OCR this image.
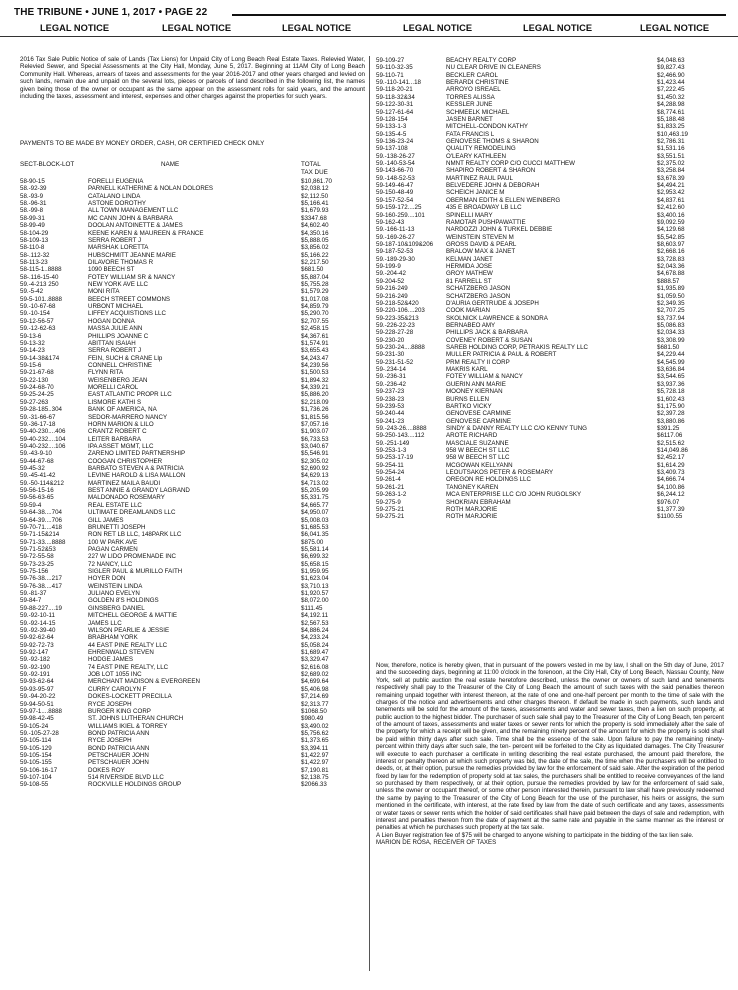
THE TRIBUNE • JUNE 1, 2017 • PAGE 22
LEGAL NOTICE	LEGAL NOTICE	LEGAL NOTICE	LEGAL NOTICE	LEGAL NOTICE	LEGAL NOTICE
2016 Tax Sale Public Notice of sale of Lands (Tax Liens) for Unpaid City of Long Beach Real Estate Taxes. Relevied Water, Relevied Sewer, and Special Assessments at the City Hall, Monday, June 5, 2017. Beginning at 11AM City of Long Beach Community Hall. Whereas, arrears of taxes and assessments for the year 2016-2017 and other years charged and levied on such lands, remain due and unpaid on the several lots, pieces or parcels of land described in the following list, the names given being those of the owner or occupant as the same appear on the assessment rolls for said years, and the amount including the taxes, assessment and interest, expenses and other charges against the properties for such years.
PAYMENTS TO BE MADE BY MONEY ORDER, CASH, OR CERTIFIED CHECK ONLY
SECT-BLOCK-LOT	NAME	TOTAL
TAX DUE
58-90-15	FORELLI EUGENIA	$10,861.70
58.-92-39	PARNELL KATHERINE & NOLAN DOLORES	$2,038.12
58.-93-9	CATALANO LINDA	$2,112.50
58.-96-31	ASTONE DOROTHY	$5,166.41
58.-99-8	ALL TOWN MANAGEMENT LLC	$1,679.93
58-99-31	MC CANN JOHN & BARBARA	$3347.68
58-99-49	DOOLAN ANTOINETTE & JAMES	$4,602.40
58-104-29	KEENE KAREN & MAUREEN & FRANCE	$4,350.16
58-109-13	SERRA ROBERT J	$5,888.05
58-110-8	MARSHAK LORETTA	$3,856.02
58-.112-32	HUBSCHMITT JEANNE MARIE	$5,166.22
58-113-23	DILAVORE THOMAS R	$2,217.50
58-115-1..8888	1090 BEECH ST	$681.50
58-.116-15-40	FOTEY WILLIAM SR & NANCY	$5,887.04
59.-4-213 250	NEW YORK AVE LLC	$5,755.28
59.-5-42	MONI RITA	$1,579.29
59-5-101..8888	BEECH STREET COMMONS	$1,017.08
59.-10-67-68	URBONT MICHAEL	$4,859.79
59.-10-154	LIFFEY ACQUISTIONS LLC	$5,290.70
59-12-56-57	HOGAN DONNA	$2,707.55
59.-12-62-63	MASSA JULIE ANN	$2,458.15
59-13-6	PHILLIPS JOANNE C	$4,367.61
59-13-32	ABITTAN ISAIAH	$1,574.91
59-14-23	SERRA ROBERT J	$3,655.43
59-14-38&174	FEIN, SUCH & CRANE Llp	$4,243.47
59-15-6	CONNELL CHRISTINE	$4,239.56
59-21-67-68	FLYNN RITA	$1,500.53
59-22-130	WEISENBERG JEAN	$1,894.32
59-24-68-70	MORELLI CAROL	$4,339.21
59-25-24-25	EAST ATLANTIC PROPR LLC	$5,886.20
59-27-263	LISMORE KATHI S	$2,218.09
59-28-185..304	BANK OF AMERICA, NA	$1,736.26
59.-31-66-67	SEDOR-MARRERO NANCY	$1,815.56
59.-36-17-18	HORN MARION & LILO	$7,057.16
59-40-230....406	CRANTZ ROBERT C	$1,903.07
59-40-232....104	LEITER BARBARA	$6,733.53
59-40-232....106	IPA ASSET MGMT, LLC	$3,040.67
59.-43-9-10	ZARENO LIMITED PARTNERSHIP	$5,546.91
59-44-67-68	COOGAN CHRISTOPHER	$2,305.02
59-45-32	BARBATO STEVEN A & PATRICIA	$2,690.92
59.-45-41-42	LEVINE HAROLD & LISA MALLON	$4,629.13
59.-50-114&212	MARTINEZ MAILA BAUDI	$4,713.02
59-56-15-16	BEST ANNIE & GRANDY LAGRAND	$5,205.99
59-56-63-65	MALDONADO ROSEMARY	$5,331.75
59-59-4	REAL ESTATE LLC	$4,665.77
59-64-38....704	ULTIMATE DREAMLANDS LLC	$4,950.07
59-64-39....706	GILL JAMES	$5,008.03
59-70-71....418	BRUNETTI JOSEPH	$1,685.53
59-71-15&214	RON RET LB LLC, 148PARK LLC	$6,041.35
59-71-33....8888	100 W PARK AVE	$875.00
59-71-52&53	PAGAN CARMEN	$5,581.14
59-72-55-58	227 W LIDO PROMENADE INC	$6,699.32
59-73-23-25	72 NANCY, LLC	$5,658.15
59-75-156	SIGLER PAUL & MURILLO FAITH	$1,959.95
59-76-38....217	HOYER DON	$1,623.04
59-76-38....417	WEINSTEIN LINDA	$3,710.13
59.-81-37	JULIANO EVELYN	$1,920.57
59-84-7	GOLDEN 8'S HOLDINGS	$8,072.00
59-88-227....19	GINSBERG DANIEL	$111.45
59.-92-10-11	MITCHELL GEORGE & MATTIE	$4,192.11
59.-92-14-15	JAMES LLC	$2,567.53
59.-92-39-40	WILSON PEARLIE & JESSIE	$4,886.24
59-92-62-64	BRABHAM YORK	$4,233.24
59-92-72-73	44 EAST PINE REALTY LLC	$5,058.24
59-92-147	EHRENWALD STEVEN	$1,689.47
59.-92-182	HODGE JAMES	$3,329.47
59.-92-190	74 EAST PINE REALTY, LLC	$2,616.08
59.-92-191	JOB LOT 1055 INC	$2,689.02
59-93-62-64	MERCHANT MADISON & EVERGREEN	$4,699.64
59-93-95-97	CURRY CAROLYN F	$5,406.98
59.-94-20-22	DOKES-LOCKETT PRECILLA	$7,214.69
59-94-50-51	RYCE JOSEPH	$2,313.77
59-97-1....8888	BURGER KING CORP	$1068.50
59-98-42-45	ST. JOHNS LUTHERAN CHURCH	$980.49
59-105-24	WILLIAMS IKIEL & TORREY	$3,490.02
59.-105-27-28	BOND PATRICIA ANN	$5,756.62
59-105-114	RYCE JOSEPH	$1,373.65
59-105-129	BOND PATRICIA ANN	$3,394.11
59-105-154	PETSCHAUER JOHN	$1,422.97
59-105-155	PETSCHAUER JOHN	$1,422.97
59-106-16-17	DOKES ROY	$7,190.81
59-107-104	514 RIVERSIDE BLVD LLC	$2,138.75
59-108-55	ROCKVILLE HOLDINGS GROUP	$2066.33
59-109-27	BEACHY REALTY CORP	$4,048.63
59-110-32-35	NU CLEAR DRIVE IN CLEANERS	$9,827.43
59-110-71	BECKLER CAROL	$2,466.90
59.-110-141...18	BERARDI CHRISTINE	$1,423.44
59-118-20-21	ARROYO ISREAEL	$7,222.45
59-118-32&34	TORRES ALISSA	$1,450.32
59-122-30-31	KESSLER JUNE	$4,288.98
59-127-61-64	SCHMEELK MICHAEL	$8,774.61
59-128-154	JASEN BARNET	$5,188.48
59-133-1-3	MITCHELL-CONDON KATHY	$1,833.25
59-135-4-5	FATA FRANCIS L	$10,463.19
59-136-23-24	GENOVESE THOMS & SHARON	$2,786.31
59-137-108	QUALITY REMODELING	$1,531.16
59.-138-26-27	O'LEARY KATHLEEN	$3,551.51
59.-140-53-54	NMNT REALTY CORP C/O CUCCI MATTHEW	$2,375.02
59-143-66-70	SHAPIRO ROBERT & SHARON	$3,258.84
59.-148-52-53	MARTINEZ RAUL PAUL	$3,678.39
59-149-46-47	BELVEDERE JOHN & DEBORAH	$4,494.21
59-150-48-49	SCHEICH JANICE M	$2,953.42
59-157-52-54	OBERMAN EDITH & ELLEN WEINBERG	$4,837.61
59-159-172....25	435 E BROADWAY LB LLC	$2,412.60
59-160-259....101	SPINELLI MARY	$3,400.16
59-162-43	RAMOTAR PUSHPAWATTIE	$9,092.59
59.-166-11-13	NARDOZZI JOHN & TURKEL DEBBIE	$4,129.68
59.-169-26-27	WEINSTEIN STEVEN M	$5,542.85
59-187-10&109&206 GROSS DAVID & PEARL	$8,603.97
59-187-52-53	BRALOW MAX & JANET	$2,668.16
59.-189-29-30	KELMAN JANET	$3,728.83
59-199-9	HERMIDA JOSE	$2,043.36
59.-204-42	GROY MATHEW	$4,678.88
59-204-52	81 FARRELL ST	$888.57
59-216-249	SCHATZBERG JASON	$1,935.89
59-216-249	SCHATZBERG JASON	$1,059.50
59-218-52&420	D'AURIA GERTRUDE & JOSEPH	$2,349.35
59-220-106....203	COOK MARIAN	$2,707.25
59-223-35&213	SKOLNICK LAWRENCE & SONDRA	$3,737.94
59.-226-22-23	BERNABEO AMY	$5,086.83
59-228-27-28	PHILLIPS JACK & BARBARA	$2,034.33
59-230-20	COVENEY ROBERT & SUSAN	$3,308.99
59-230-24....8888	SAREB HOLDING CORP, PETRAKIS REALTY LLC	$681.50
59-231-30	MULLER PATRICIA & PAUL & ROBERT	$4,229.44
59-231-51-52	PRM REALTY II CORP	$4,545.99
59-.234-14	MAKRIS KARL	$3,636.84
59.-236-31	FOTEY WILLIAM & NANCY	$3,544.65
59.-236-42	GUERIN ANN MARIE	$3,937.36
59-237-23	MOONEY KIERNAN	$5,728.18
59-238-23	BURNS ELLEN	$1,602.43
59-239-53	BARTKO VICKY	$1,175.90
59-240-44	GENOVESE CARMINE	$2,397.28
59-241-23	GENOVESE CARMINE	$3,880.86
59.-243-26....8888	SINDY & DANNY REALTY LLC C/O KENNY TUNG	$391.25
59-250-143....112	AROTE RICHARD	$6117.06
59.-251-149	MASCIALE SUZANNE	$2,515.62
59-253-1-3	958 W BEECH ST LLC	$14,049.86
59-253-17-19	958 W BEECH ST LLC	$2,452.17
59-254-11	MCGOWAN KELLYANN	$1,614.29
59-254-24	LEOUTSAKOS PETER & ROSEMARY	$3,409.73
59-261-4	OREGON RE HOLDINGS LLC	$4,666.74
59-261-21	TANGNEY KAREN	$4,100.86
59-263-1-2	MCA ENTERPRISE LLC C/O JOHN RUGOLSKY	$6,244.12
59-275-9	SHOKRIAN EBRAHAM	$976.07
59-275-21	ROTH MARJORIE	$1,377.39
59-275-21	ROTH MARJORIE	$1100.55

Now, therefore, notice is hereby given, that in pursuant of the powers vested in me by law, I shall on the 5th day of June, 2017 and the succeeding days, beginning at 11:00 o'clock in the forenoon, at the City Hall, City of Long Beach, Nassau County, New York, sell at public auction the real estate heretofore described, unless the owner or owners of such land and tenements respectively shall pay to the Treasurer of the City of Long Beach the amount of such taxes with the said penalties thereon remaining unpaid together with interest thereon, at the rate of one and one-half percent per month to the time of sale with the charges of the notice and advertisements and other charges thereon. If default be made in such payments, such lands and tenements will be sold for the amount of the taxes, assessments and water and sewer taxes, then a lien on such property, at public auction to the highest bidder. The purchaser of such sale shall pay to the Treasurer of the City of Long Beach, ten percent of the amount of taxes, assessments and water taxes or sewer rents for which the property is sold immediately after the sale of the property for which a receipt will be given, and the remaining ninety percent of the amount for which the property is sold shall be paid within thirty days after such sale. Time shall be the essence of the sale. Upon failure to pay the remaining ninety- percent within thirty days after such sale, the ten- percent will be forfeited to the City as liquidated damages. The City Treasurer will execute to each purchaser a certificate in writing describing the real estate purchased, the amount paid therefore, the interest or penalty thereon at which such property was bid, the date of the sale, the time when the purchasers will be entitled to deeds, or, at their option, pursue the remedies provided by law for the enforcement of said sale. After the expiration of the period fixed by law for the redemption of property sold at tax sales, the purchasers shall be entitled to receive conveyances of the land so purchased by them respectively, or at their option, pursue the remedies provided by law for the enforcement of said sale, unless the owner or occupant thereof, or some other person interested therein, pursuant to law shall have previously redeemed the same by paying to the Treasurer of the City of Long Beach for the use of the purchaser, his heirs or assigns, the sum mentioned in the certificate, with interest, at the rate fixed by law from the date of such certificate and any taxes, assessments or water taxes or sewer rents which the holder of said certificates shall have paid between the days of sale and redemption, with interest and penalties thereon from the date of payment at the same rate and payable in the same manner as the interest or penalties at which he purchases such property at the tax sale.

A Lien Buyer registration fee of $75 will be charged to anyone wishing to participate in the bidding of the tax lien sale.

MARION DE ROSA, RECEIVER OF TAXES
